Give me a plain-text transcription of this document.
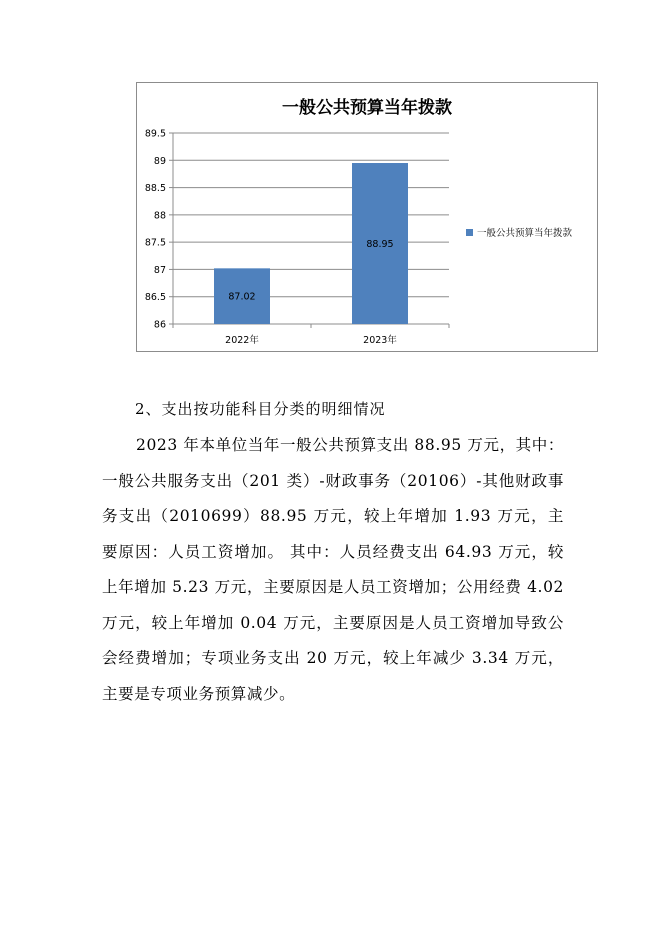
一般公共预算当年拨款
86
86.5
87
87.5
88
88.5
89
89.5
2022年	2023年
87.02
88.95
一般公共预算当年拨款
2、支出按功能科目分类的明细情况

2023 年本单位当年一般公共预算支出 88.95 万元，其中：一般公共服务支出（201 类）-财政事务（20106）-其他财政事务支出（2010699）88.95 万元，较上年增加 1.93 万元，主要原因：人员工资增加。 其中：人员经费支出 64.93 万元，较上年增加 5.23 万元，主要原因是人员工资增加；公用经费 4.02 万元，较上年增加 0.04 万元，主要原因是人员工资增加导致公会经费增加；专项业务支出 20 万元，较上年减少 3.34 万元，主要是专项业务预算减少。
